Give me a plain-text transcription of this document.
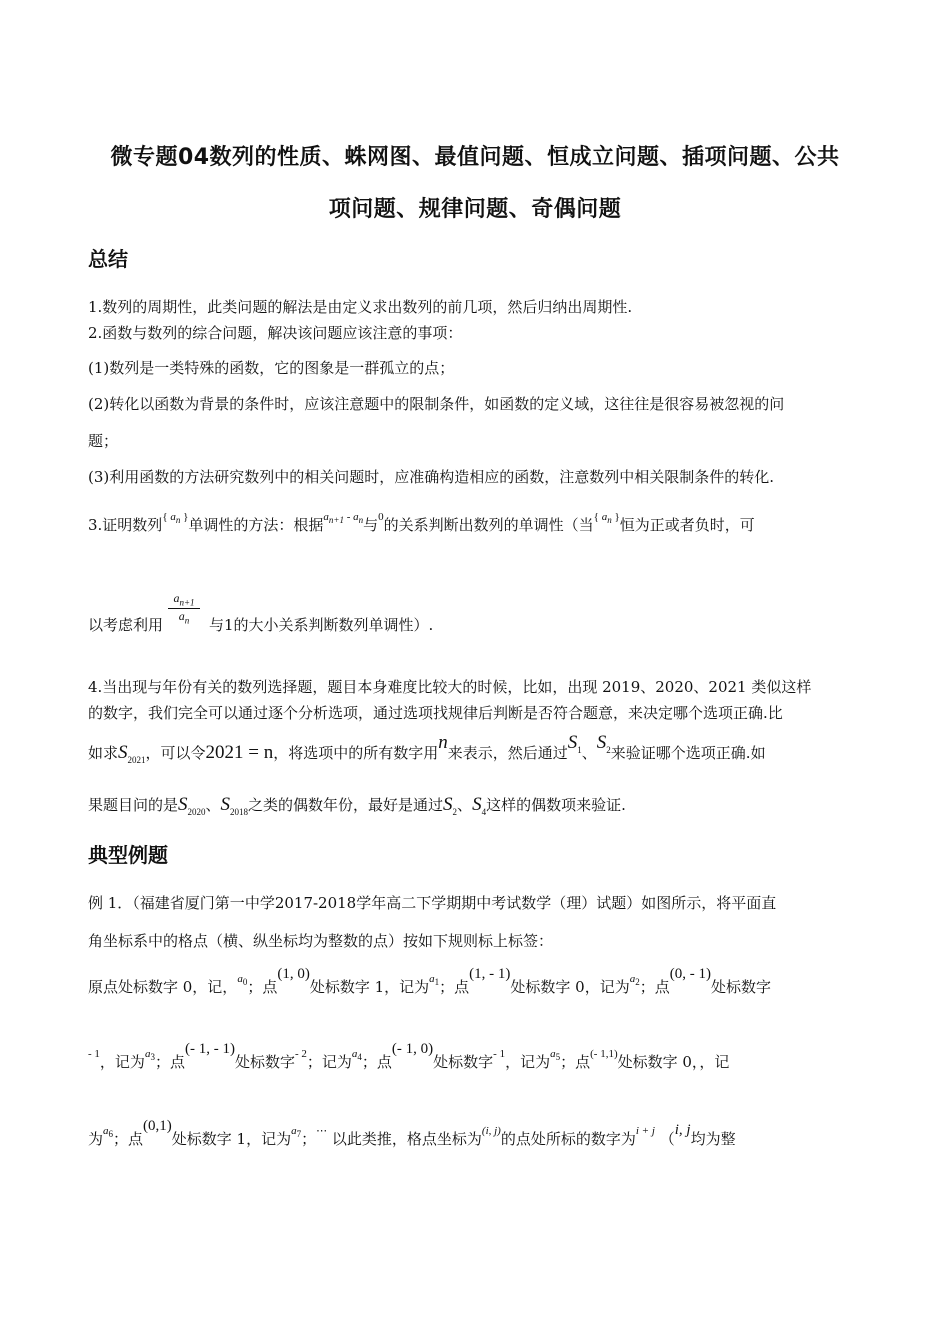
微专题04数列的性质、蛛网图、最值问题、恒成立问题、插项问题、公共
项问题、规律问题、奇偶问题
总结
1.数列的周期性，此类问题的解法是由定义求出数列的前几项，然后归纳出周期性.
2.函数与数列的综合问题，解决该问题应该注意的事项：
(1)数列是一类特殊的函数，它的图象是一群孤立的点；
(2)转化以函数为背景的条件时，应该注意题中的限制条件，如函数的定义域，这往往是很容易被忽视的问
题；
(3)利用函数的方法研究数列中的相关问题时，应准确构造相应的函数，注意数列中相关限制条件的转化.
3.证明数列$^{\{ a_n \}}$单调性的方法：根据$^{a_{n+1} - a_n}$与$^0$的关系判断出数列的单调性（当$^{\{ a_n \}}$恒为正或者负时，可
$\frac{a_{n+1}}{a_n}$
以考虑利用	与1的大小关系判断数列单调性）.
4.当出现与年份有关的数列选择题，题目本身难度比较大的时候，比如，出现 2019、2020、2021 类似这样
的数字，我们完全可以通过逐个分析选项，通过选项找规律后判断是否符合题意，来决定哪个选项正确.比
如求$S_{2021}$，可以令2021 = n，将选项中的所有数字用n来表示，然后通过$S_1$、$S_2$来验证哪个选项正确.如
果题目问的是$S_{2020}$、$S_{2018}$之类的偶数年份，最好是通过$S_2$、$S_4$这样的偶数项来验证.
典型例题
例 1．（福建省厦门第一中学2017-2018学年高二下学期期中考试数学（理）试题）如图所示，将平面直
角坐标系中的格点（横、纵坐标均为整数的点）按如下规则标上标签：
原点处标数字 0，记，$^{a_0}$；点(1, 0)处标数字 1，记为$^{a_1}$；点(1, - 1)处标数字 0，记为$^{a_2}$；点(0, - 1)处标数字
$^{- 1}$，记为$^{a_3}$；点(- 1, - 1)处标数字$^{- 2}$；记为$^{a_4}$；点(- 1, 0)处标数字$^{- 1}$，记为$^{a_5}$；点$^{(- 1,1)}$处标数字 0，，记
为$^{a_6}$；点(0,1)处标数字 1，记为$^{a_7}$；⋯ 以此类推，格点坐标为$^{(i, j)}$的点处所标的数字为$^{i + j}$ （i, j均为整
